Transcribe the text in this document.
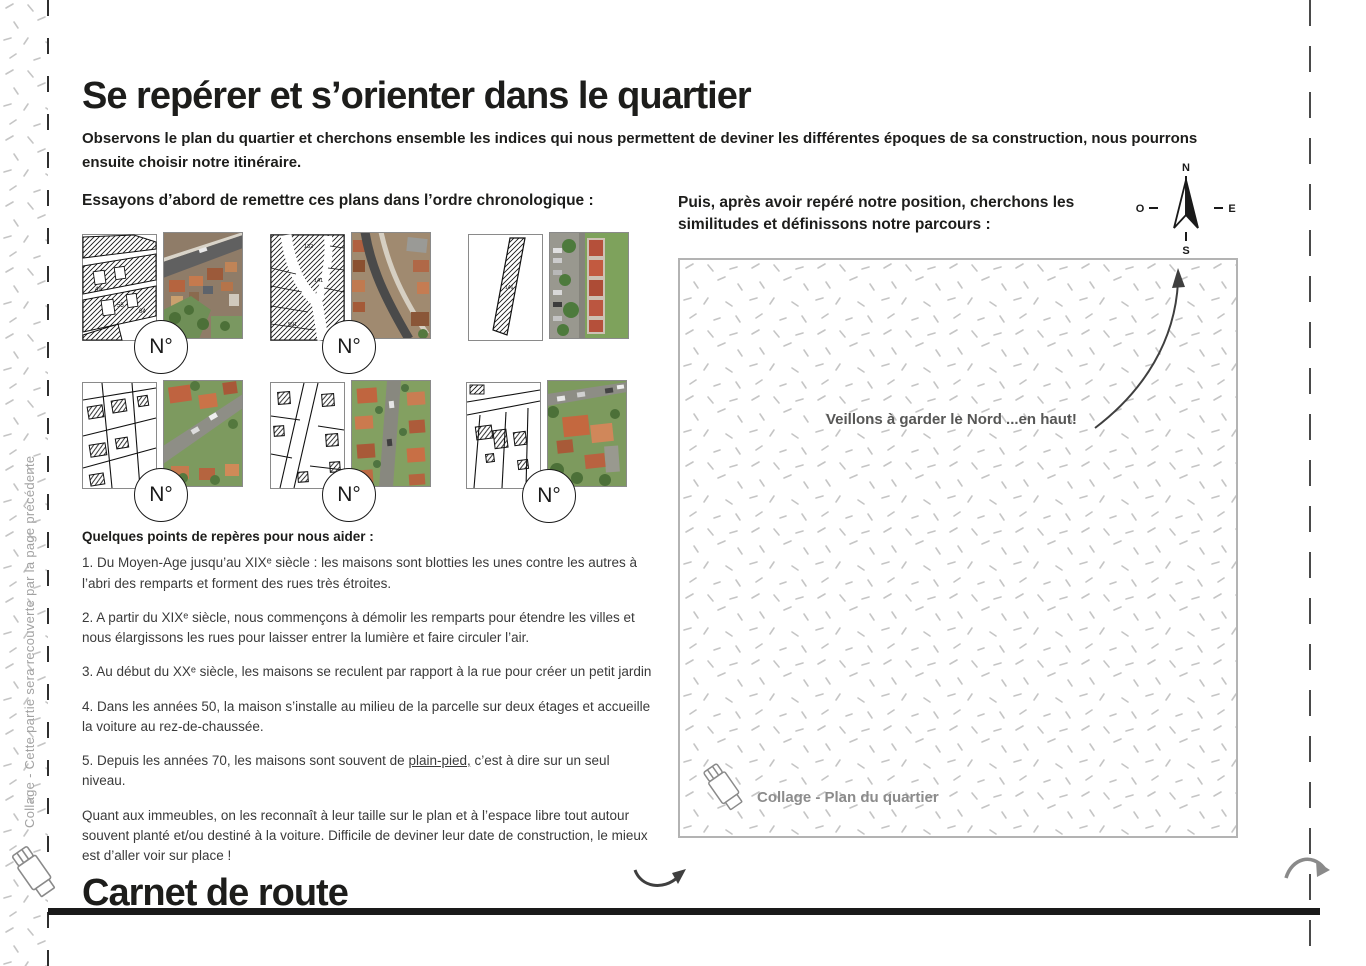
Collage - Cette partie sera recouverte par la page précédente
Se repérer et s’orienter dans le quartier

Observons le plan du quartier et cherchons ensemble les indices qui nous permettent de deviner les différentes époques de sa construction, nous pourrons ensuite choisir notre itinéraire.

Essayons d’abord de remettre ces plans dans l’ordre chronologique :	Puis, après avoir repéré notre position, cherchons les similitudes et définissons notre parcours :
N
S
E
O
49
55
64
N°
132
141
591
N°
146
N°	N°	N°
Quelques points de repères pour nous aider :

1. Du Moyen-Age jusqu’au XIXᵉ siècle : les maisons sont blotties les unes contre les autres à l’abri des remparts et forment des rues très étroites.

2. A partir du XIXᵉ siècle, nous commençons à démolir les remparts pour étendre les villes et nous élargissons les rues pour laisser entrer la lumière et faire circuler l’air.

3. Au début du XXᵉ siècle, les maisons se reculent par rapport à la rue pour créer un petit jardin

4. Dans les années 50, la maison s’installe au milieu de la parcelle sur deux étages et accueille la voiture au rez-de-chaussée.

5. Depuis les années 70, les maisons sont souvent de plain-pied, c’est à dire sur un seul niveau.

Quant aux immeubles, on les reconnaît à leur taille sur le plan et à l’espace libre tout autour souvent planté et/ou destiné à la voiture. Difficile de deviner leur date de construction, le mieux est d’aller voir sur place !

Veillons à garder le Nord ...en haut!
Collage - Plan du quartier
Carnet de route
